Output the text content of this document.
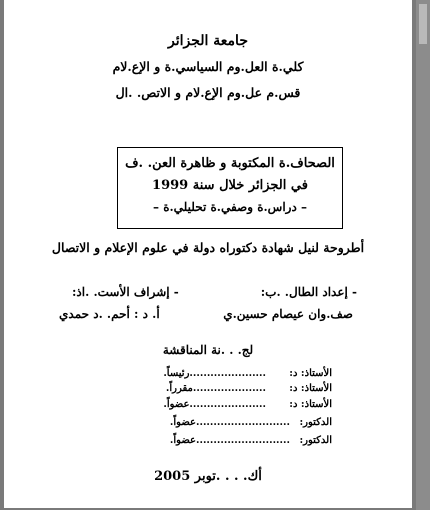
جامعة الجزائر
كلي.ة العل.وم السياسي.ة و الإع.لام
قس.م عل.وم الإع.لام و الاتص. .ال
الصحاف.ة المكتوبة و ظاهرة العن. .ف
في الجزائر خلال سنة 1999
– دراس.ة وصفي.ة تحليلي.ة –
أطروحة لنيل شهادة دكتوراه دولة في علوم الإعلام و الاتصال
- إعداد الطال. .ب:
- إشراف الأست. .اذ:
صف.وان عيصام حسين.ي
أ. د : أحم. .د حمدي
لج. . .نة المناقشة
الأستاذ: د:
......................رئيساً.
الأستاذ: د:
.....................مقرراً.
الأستاذ: د:
......................عضواً.
الدكتور:
...........................عضواً.
الدكتور:
...........................عضواً.
أك. . . .توبر 2005
